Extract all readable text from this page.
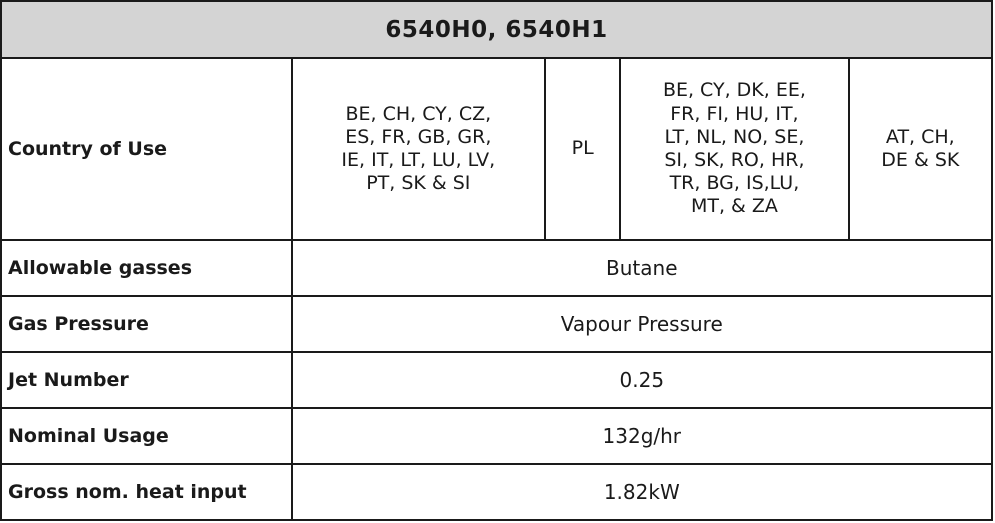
6540H0, 6540H1				
Country of Use	BE, CH, CY, CZ,
ES, FR, GB, GR,
IE, IT, LT, LU, LV,
PT, SK & SI	PL	BE, CY, DK, EE,
FR, FI, HU, IT,
LT, NL, NO, SE,
SI, SK, RO, HR,
TR, BG, IS,LU,
MT, & ZA	AT, CH,
DE & SK
Allowable gasses	Butane			
Gas Pressure	Vapour Pressure			
Jet Number	0.25			
Nominal Usage	132g/hr			
Gross nom. heat input	1.82kW			
